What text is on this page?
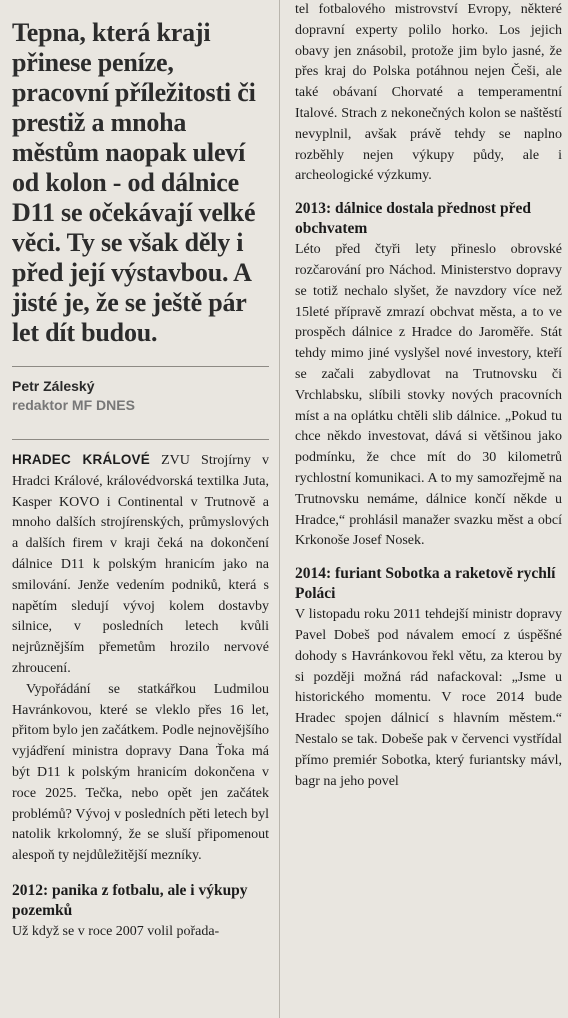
Tepna, která kraji přinese peníze, pracovní příležitosti či prestiž a mnoha městům naopak uleví od kolon - od dálnice D11 se očekávají velké věci. Ty se však děly i před její výstavbou. A jisté je, že se ještě pár let dít budou.
Petr Záleský
redaktor MF DNES

HRADEC KRÁLOVÉ ZVU Strojírny v Hradci Králové, královédvorská textilka Juta, Kasper KOVO i Continental v Trutnově a mnoho dalších strojírenských, průmyslových a dalších firem v kraji čeká na dokončení dálnice D11 k polským hranicím jako na smilování. Jenže vedením podniků, která s napětím sledují vývoj kolem dostavby silnice, v posledních letech kvůli nejrůznějším přemetům hrozilo nervové zhroucení.

Vypořádání se statkářkou Ludmilou Havránkovou, které se vleklo přes 16 let, přitom bylo jen začátkem. Podle nejnovějšího vyjádření ministra dopravy Dana Ťoka má být D11 k polským hranicím dokončena v roce 2025. Tečka, nebo opět jen začátek problémů? Vývoj v posledních pěti letech byl natolik krkolomný, že se sluší připomenout alespoň ty nejdůležitější mezníky.

2012: panika z fotbalu, ale i výkupy pozemků

Už když se v roce 2007 volil pořada-

tel fotbalového mistrovství Evropy, některé dopravní experty polilo horko. Los jejich obavy jen znásobil, protože jim bylo jasné, že přes kraj do Polska potáhnou nejen Češi, ale také obávaní Chorvaté a temperamentní Italové. Strach z nekonečných kolon se naštěstí nevyplnil, avšak právě tehdy se naplno rozběhly nejen výkupy půdy, ale i archeologické výzkumy.

2013: dálnice dostala přednost před obchvatem

Léto před čtyři lety přineslo obrovské rozčarování pro Náchod. Ministerstvo dopravy se totiž nechalo slyšet, že navzdory více než 15leté přípravě zmrazí obchvat města, a to ve prospěch dálnice z Hradce do Jaroměře. Stát tehdy mimo jiné vyslyšel nové investory, kteří se začali zabydlovat na Trutnovsku či Vrchlabsku, slíbili stovky nových pracovních míst a na oplátku chtěli slib dálnice. „Pokud tu chce někdo investovat, dává si většinou jako podmínku, že chce mít do 30 kilometrů rychlostní komunikaci. A to my samozřejmě na Trutnovsku nemáme, dálnice končí někde u Hradce,“ prohlásil manažer svazku měst a obcí Krkonoše Josef Nosek.

2014: furiant Sobotka a raketově rychlí Poláci

V listopadu roku 2011 tehdejší ministr dopravy Pavel Dobeš pod návalem emocí z úspěšné dohody s Havránkovou řekl větu, za kterou by si později možná rád nafackoval: „Jsme u historického momentu. V roce 2014 bude Hradec spojen dálnicí s hlavním městem.“ Nestalo se tak. Dobeše pak v červenci vystřídal přímo premiér Sobotka, který furiantsky mávl, bagr na jeho povel
